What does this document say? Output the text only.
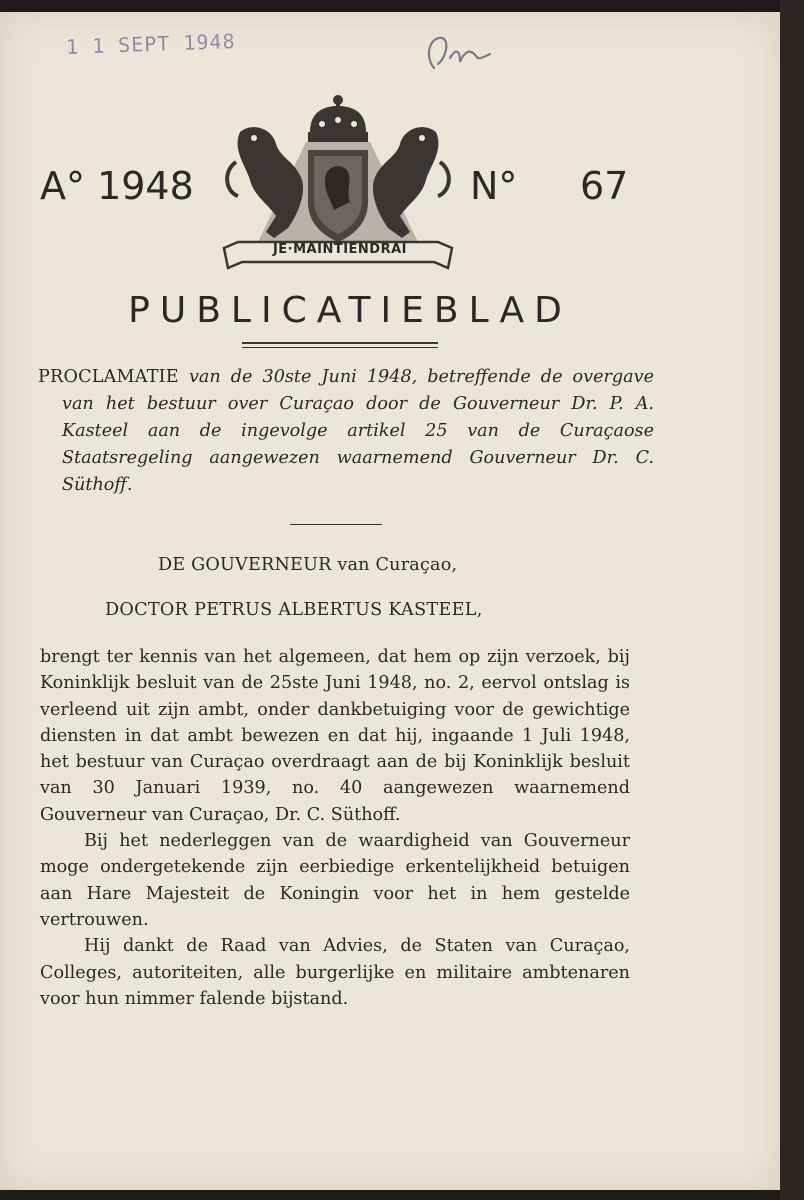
1 1 SEPT 1948
A° 1948
JE·MAINTIENDRAI
N° 67
PUBLICATIEBLAD
PROCLAMATIE van de 30ste Juni 1948, betreffende de overgave van het bestuur over Curaçao door de Gouverneur Dr. P. A. Kasteel aan de ingevolge artikel 25 van de Curaçaose Staatsregeling aangewezen waarnemend Gouverneur Dr. C. Süthoff.
DE GOUVERNEUR van Curaçao,
DOCTOR PETRUS ALBERTUS KASTEEL,

brengt ter kennis van het algemeen, dat hem op zijn verzoek, bij Koninklijk besluit van de 25ste Juni 1948, no. 2, eervol ontslag is verleend uit zijn ambt, onder dankbetuiging voor de gewichtige diensten in dat ambt bewezen en dat hij, ingaande 1 Juli 1948, het bestuur van Curaçao overdraagt aan de bij Koninklijk besluit van 30 Januari 1939, no. 40 aangewezen waarnemend Gouverneur van Curaçao, Dr. C. Süthoff.

Bij het nederleggen van de waardigheid van Gouverneur moge ondergetekende zijn eerbiedige erkentelijkheid betuigen aan Hare Majesteit de Koningin voor het in hem gestelde vertrouwen.

Hij dankt de Raad van Advies, de Staten van Curaçao, Colleges, autoriteiten, alle burgerlijke en militaire ambtenaren voor hun nimmer falende bijstand.
